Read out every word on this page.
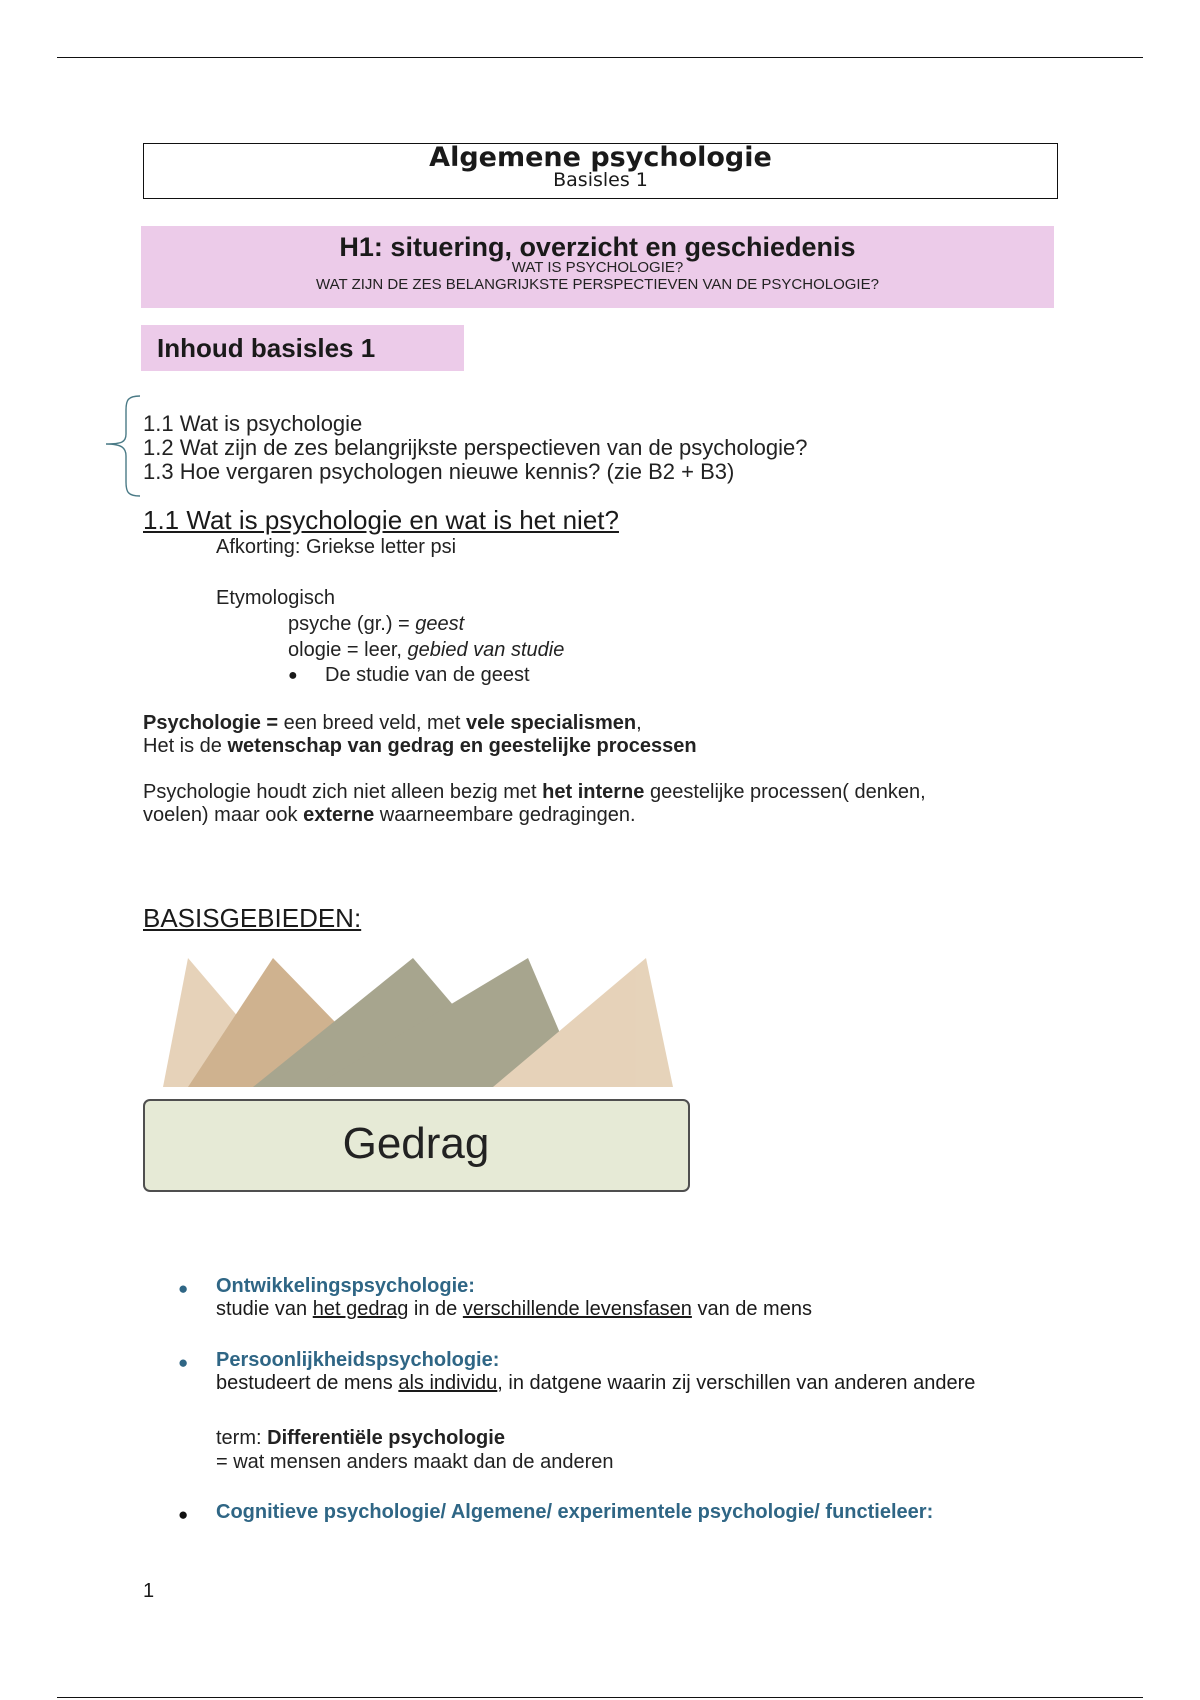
Algemene psychologie
Basisles 1
H1: situering, overzicht en geschiedenis
WAT IS PSYCHOLOGIE?
WAT ZIJN DE ZES BELANGRIJKSTE PERSPECTIEVEN VAN DE PSYCHOLOGIE?
Inhoud basisles 1
1.1 Wat is psychologie
1.2 Wat zijn de zes belangrijkste perspectieven van de psychologie?
1.3 Hoe vergaren psychologen nieuwe kennis? (zie B2 + B3)
1.1 Wat is psychologie en wat is het niet?
Afkorting: Griekse letter psi
Etymologisch
psyche (gr.) = geest
ologie = leer, gebied van studie
● De studie van de geest
Psychologie = een breed veld, met vele specialismen,
Het is de wetenschap van gedrag en geestelijke processen
Psychologie houdt zich niet alleen bezig met het interne geestelijke processen( denken,
voelen) maar ook externe waarneembare gedragingen.
BASISGEBIEDEN:
Gedrag
● Ontwikkelingspsychologie:
studie van het gedrag in de verschillende levensfasen van de mens
● Persoonlijkheidspsychologie:
bestudeert de mens als individu, in datgene waarin zij verschillen van anderen andere
term: Differentiële psychologie
= wat mensen anders maakt dan de anderen
● Cognitieve psychologie/ Algemene/ experimentele psychologie/ functieleer:
1
